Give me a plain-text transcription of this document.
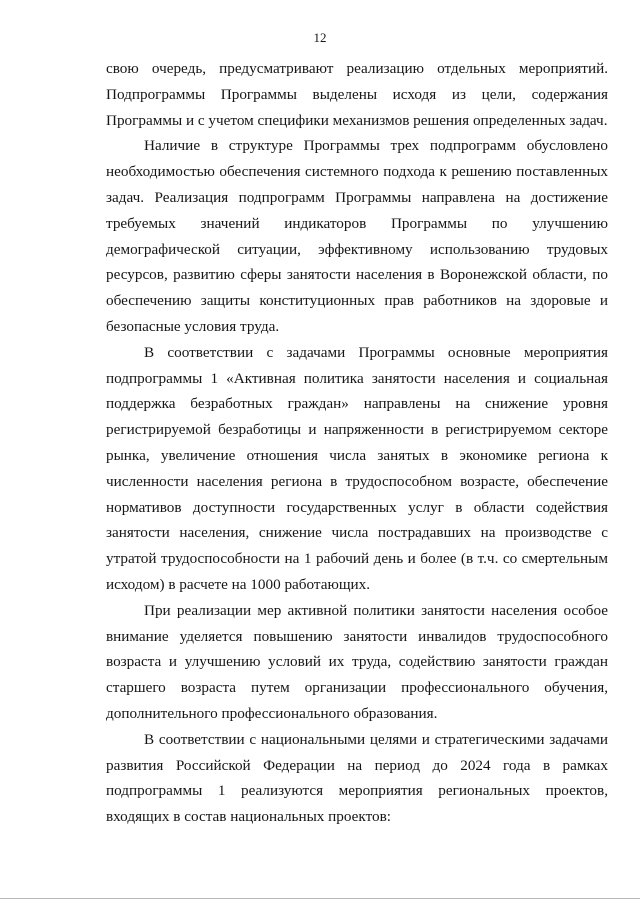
12

свою очередь, предусматривают реализацию отдельных мероприятий. Подпрограммы Программы выделены исходя из цели, содержания Программы и с учетом специфики механизмов решения определенных задач.

Наличие в структуре Программы трех подпрограмм обусловлено необходимостью обеспечения системного подхода к решению поставленных задач. Реализация подпрограмм Программы направлена на достижение требуемых значений индикаторов Программы по улучшению демографической ситуации, эффективному использованию трудовых ресурсов, развитию сферы занятости населения в Воронежской области, по обеспечению защиты конституционных прав работников на здоровые и безопасные условия труда.

В соответствии с задачами Программы основные мероприятия подпрограммы 1 «Активная политика занятости населения и социальная поддержка безработных граждан» направлены на снижение уровня регистрируемой безработицы и напряженности в регистрируемом секторе рынка, увеличение отношения числа занятых в экономике региона к численности населения региона в трудоспособном возрасте, обеспечение нормативов доступности государственных услуг в области содействия занятости населения, снижение числа пострадавших на производстве с утратой трудоспособности на 1 рабочий день и более (в т.ч. со смертельным исходом) в расчете на 1000 работающих.

При реализации мер активной политики занятости населения особое внимание уделяется повышению занятости инвалидов трудоспособного возраста и улучшению условий их труда, содействию занятости граждан старшего возраста путем организации профессионального обучения, дополнительного профессионального образования.

В соответствии с национальными целями и стратегическими задачами развития Российской Федерации на период до 2024 года в рамках подпрограммы 1 реализуются мероприятия региональных проектов, входящих в состав национальных проектов:
